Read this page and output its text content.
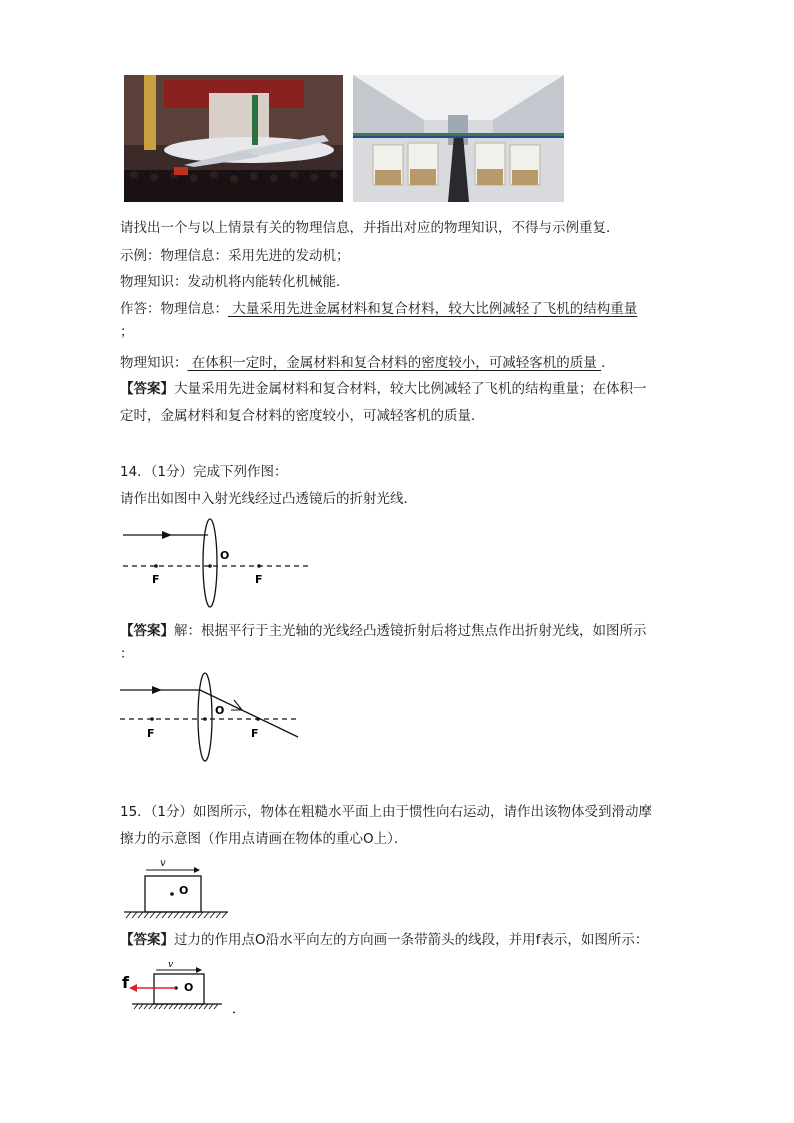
请找出一个与以上情景有关的物理信息，并指出对应的物理知识，不得与示例重复．
示例：物理信息：采用先进的发动机；
物理知识：发动机将内能转化机械能．
作答：物理信息： 大量采用先进金属材料和复合材料，较大比例减轻了飞机的结构重量
；
物理知识： 在体积一定时，金属材料和复合材料的密度较小，可减轻客机的质量 ．
【答案】大量采用先进金属材料和复合材料，较大比例减轻了飞机的结构重量；在体积一
定时，金属材料和复合材料的密度较小，可减轻客机的质量．
14．（1分）完成下列作图：
请作出如图中入射光线经过凸透镜后的折射光线．
O
F	F
【答案】解：根据平行于主光轴的光线经凸透镜折射后将过焦点作出折射光线，如图所示
：
O
F	F
15．（1分）如图所示，物体在粗糙水平面上由于惯性向右运动，请作出该物体受到滑动摩
擦力的示意图（作用点请画在物体的重心O上）．
v
O
【答案】过力的作用点O沿水平向左的方向画一条带箭头的线段，并用f表示，如图所示：
v
O
f
．
